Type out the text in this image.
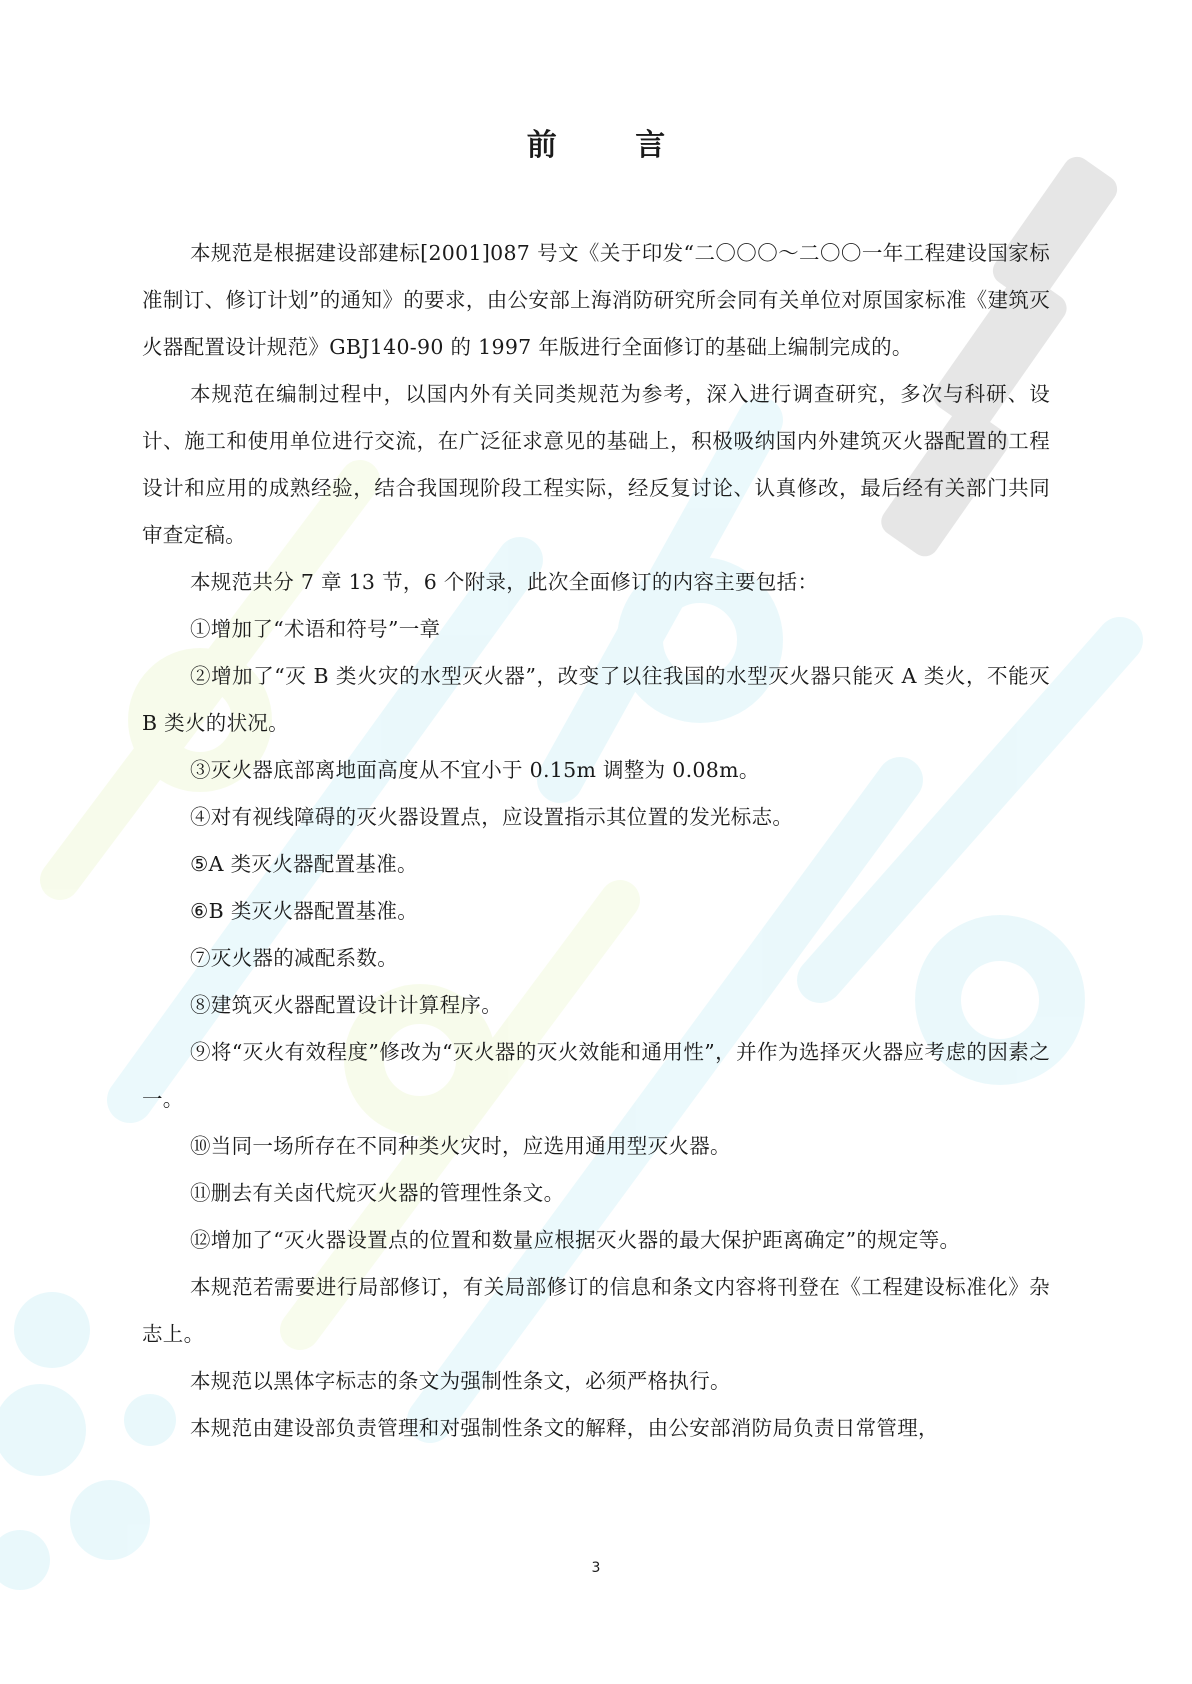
前 言

本规范是根据建设部建标[2001]087 号文《关于印发“二〇〇〇～二〇〇一年工程建设国家标准制订、修订计划”的通知》的要求，由公安部上海消防研究所会同有关单位对原国家标准《建筑灭火器配置设计规范》GBJ140-90 的 1997 年版进行全面修订的基础上编制完成的。

本规范在编制过程中，以国内外有关同类规范为参考，深入进行调查研究，多次与科研、设计、施工和使用单位进行交流，在广泛征求意见的基础上，积极吸纳国内外建筑灭火器配置的工程设计和应用的成熟经验，结合我国现阶段工程实际，经反复讨论、认真修改，最后经有关部门共同审查定稿。

本规范共分 7 章 13 节，6 个附录，此次全面修订的内容主要包括：

①增加了“术语和符号”一章

②增加了“灭 B 类火灾的水型灭火器”，改变了以往我国的水型灭火器只能灭 A 类火，不能灭 B 类火的状况。

③灭火器底部离地面高度从不宜小于 0.15m 调整为 0.08m。

④对有视线障碍的灭火器设置点，应设置指示其位置的发光标志。

⑤A 类灭火器配置基准。

⑥B 类灭火器配置基准。

⑦灭火器的减配系数。

⑧建筑灭火器配置设计计算程序。

⑨将“灭火有效程度”修改为“灭火器的灭火效能和通用性”，并作为选择灭火器应考虑的因素之一。

⑩当同一场所存在不同种类火灾时，应选用通用型灭火器。

⑪删去有关卤代烷灭火器的管理性条文。

⑫增加了“灭火器设置点的位置和数量应根据灭火器的最大保护距离确定”的规定等。

本规范若需要进行局部修订，有关局部修订的信息和条文内容将刊登在《工程建设标准化》杂志上。

本规范以黑体字标志的条文为强制性条文，必须严格执行。

本规范由建设部负责管理和对强制性条文的解释，由公安部消防局负责日常管理，

3
